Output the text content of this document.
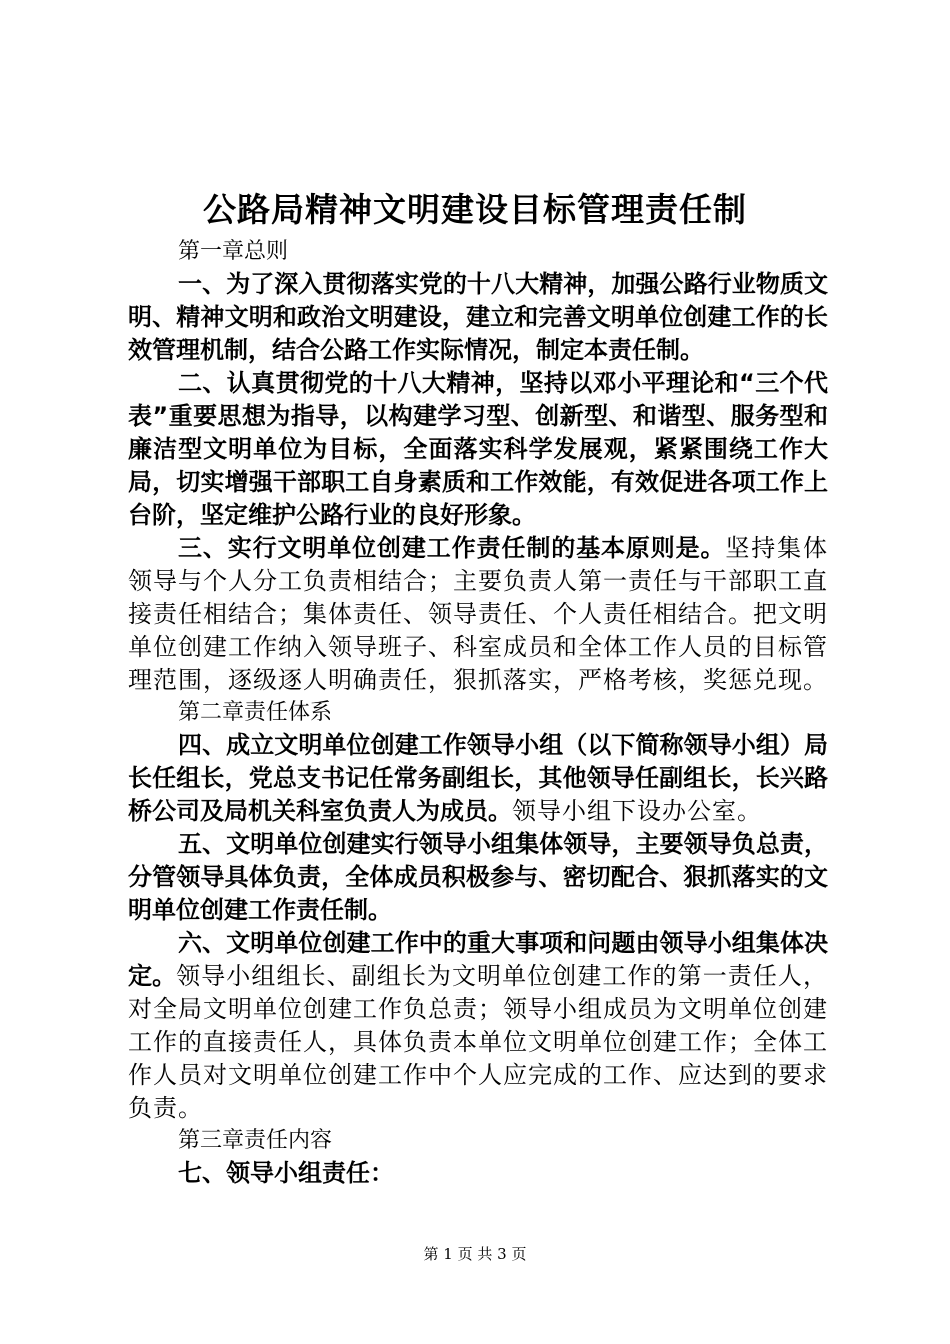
公路局精神文明建设目标管理责任制
第一章总则

一、为了深入贯彻落实党的十八大精神，加强公路行业物质文明、精神文明和政治文明建设，建立和完善文明单位创建工作的长效管理机制，结合公路工作实际情况，制定本责任制。

二、认真贯彻党的十八大精神，坚持以邓小平理论和“三个代表”重要思想为指导，以构建学习型、创新型、和谐型、服务型和廉洁型文明单位为目标，全面落实科学发展观，紧紧围绕工作大局，切实增强干部职工自身素质和工作效能，有效促进各项工作上台阶，坚定维护公路行业的良好形象。

三、实行文明单位创建工作责任制的基本原则是。坚持集体领导与个人分工负责相结合；主要负责人第一责任与干部职工直接责任相结合；集体责任、领导责任、个人责任相结合。把文明单位创建工作纳入领导班子、科室成员和全体工作人员的目标管理范围，逐级逐人明确责任，狠抓落实，严格考核，奖惩兑现。

第二章责任体系

四、成立文明单位创建工作领导小组（以下简称领导小组）局长任组长，党总支书记任常务副组长，其他领导任副组长，长兴路桥公司及局机关科室负责人为成员。领导小组下设办公室。

五、文明单位创建实行领导小组集体领导，主要领导负总责，分管领导具体负责，全体成员积极参与、密切配合、狠抓落实的文明单位创建工作责任制。

六、文明单位创建工作中的重大事项和问题由领导小组集体决定。领导小组组长、副组长为文明单位创建工作的第一责任人，对全局文明单位创建工作负总责；领导小组成员为文明单位创建工作的直接责任人，具体负责本单位文明单位创建工作；全体工作人员对文明单位创建工作中个人应完成的工作、应达到的要求负责。

第三章责任内容

七、领导小组责任：

第 1 页 共 3 页
